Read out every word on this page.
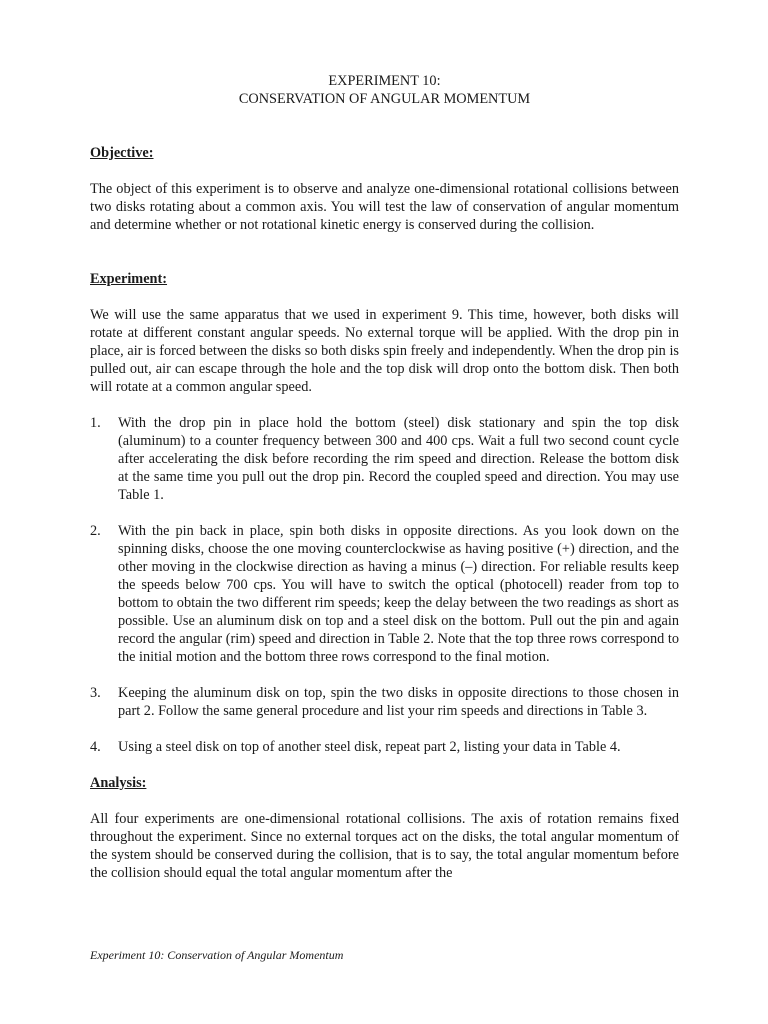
EXPERIMENT 10:

CONSERVATION OF ANGULAR MOMENTUM

Objective:

The object of this experiment is to observe and analyze one-dimensional rotational collisions between two disks rotating about a common axis. You will test the law of conservation of angular momentum and determine whether or not rotational kinetic energy is conserved during the collision.

Experiment:

We will use the same apparatus that we used in experiment 9. This time, however, both disks will rotate at different constant angular speeds. No external torque will be applied. With the drop pin in place, air is forced between the disks so both disks spin freely and independently. When the drop pin is pulled out, air can escape through the hole and the top disk will drop onto the bottom disk. Then both will rotate at a common angular speed.

1. With the drop pin in place hold the bottom (steel) disk stationary and spin the top disk (aluminum) to a counter frequency between 300 and 400 cps. Wait a full two second count cycle after accelerating the disk before recording the rim speed and direction. Release the bottom disk at the same time you pull out the drop pin. Record the coupled speed and direction. You may use Table 1.
2. With the pin back in place, spin both disks in opposite directions. As you look down on the spinning disks, choose the one moving counterclockwise as having positive (+) direction, and the other moving in the clockwise direction as having a minus (–) direction. For reliable results keep the speeds below 700 cps. You will have to switch the optical (photocell) reader from top to bottom to obtain the two different rim speeds; keep the delay between the two readings as short as possible. Use an aluminum disk on top and a steel disk on the bottom. Pull out the pin and again record the angular (rim) speed and direction in Table 2. Note that the top three rows correspond to the initial motion and the bottom three rows correspond to the final motion.
3. Keeping the aluminum disk on top, spin the two disks in opposite directions to those chosen in part 2. Follow the same general procedure and list your rim speeds and directions in Table 3.
4. Using a steel disk on top of another steel disk, repeat part 2, listing your data in Table 4.

Analysis:

All four experiments are one-dimensional rotational collisions. The axis of rotation remains fixed throughout the experiment. Since no external torques act on the disks, the total angular momentum of the system should be conserved during the collision, that is to say, the total angular momentum before the collision should equal the total angular momentum after the

Experiment 10: Conservation of Angular Momentum
